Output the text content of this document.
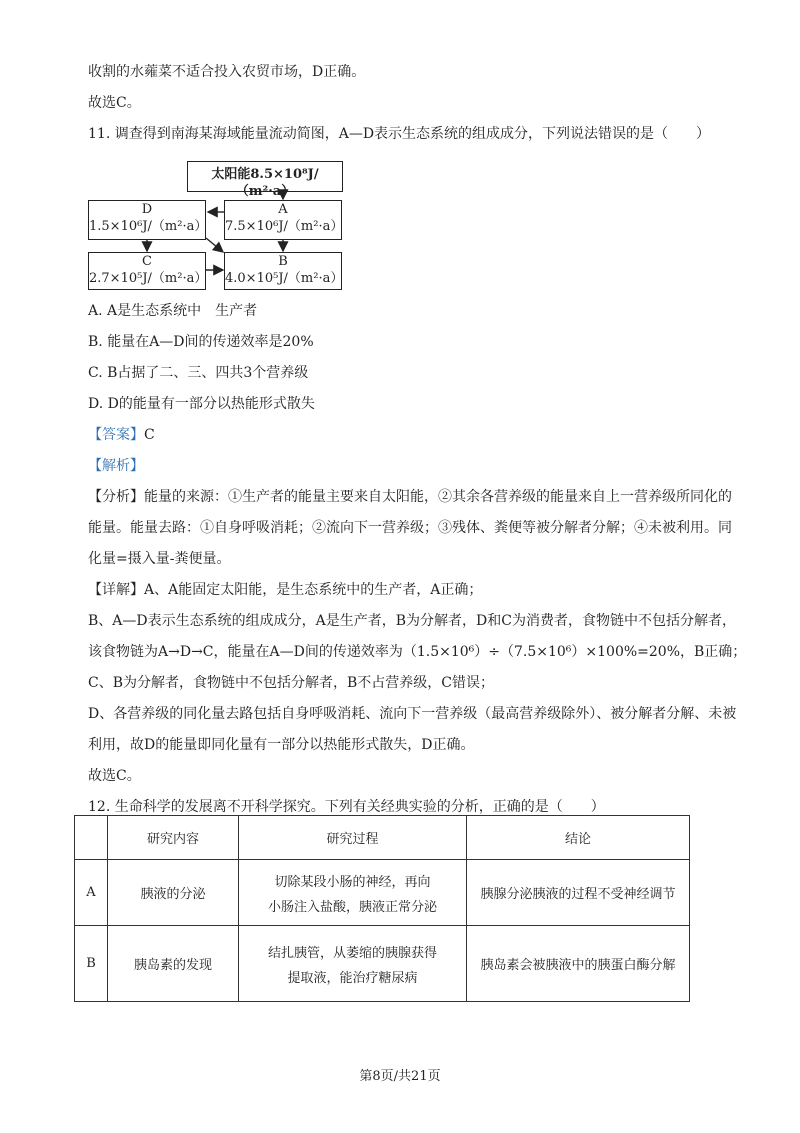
收割的水蕹菜不适合投入农贸市场，D正确。
故选C。
11. 调查得到南海某海域能量流动简图，A—D表示生态系统的组成成分，下列说法错误的是（　　）
太阳能8.5×10⁸J/（m²·a）
D
1.5×10⁶J/（m²·a）
A
7.5×10⁶J/（m²·a）
C
2.7×10⁵J/（m²·a）
B
4.0×10⁵J/（m²·a）
A. A是生态系统中　生产者
B. 能量在A—D间的传递效率是20%
C. B占据了二、三、四共3个营养级
D. D的能量有一部分以热能形式散失
【答案】C
【解析】
【分析】能量的来源：①生产者的能量主要来自太阳能，②其余各营养级的能量来自上一营养级所同化的
能量。能量去路：①自身呼吸消耗；②流向下一营养级；③残体、粪便等被分解者分解；④未被利用。同
化量=摄入量-粪便量。
【详解】A、A能固定太阳能，是生态系统中的生产者，A正确；
B、A—D表示生态系统的组成成分，A是生产者，B为分解者，D和C为消费者，食物链中不包括分解者，
该食物链为A→D→C，能量在A—D间的传递效率为（1.5×10⁶）÷（7.5×10⁶）×100%=20%，B正确；
C、B为分解者，食物链中不包括分解者，B不占营养级，C错误；
D、各营养级的同化量去路包括自身呼吸消耗、流向下一营养级（最高营养级除外）、被分解者分解、未被
利用，故D的能量即同化量有一部分以热能形式散失，D正确。
故选C。
12. 生命科学的发展离不开科学探究。下列有关经典实验的分析，正确的是（　　）
	研究内容	研究过程	结论
A	胰液的分泌	切除某段小肠的神经，再向
小肠注入盐酸，胰液正常分泌	胰腺分泌胰液的过程不受神经调节
B	胰岛素的发现	结扎胰管，从萎缩的胰腺获得
提取液，能治疗糖尿病	胰岛素会被胰液中的胰蛋白酶分解
第8页/共21页
